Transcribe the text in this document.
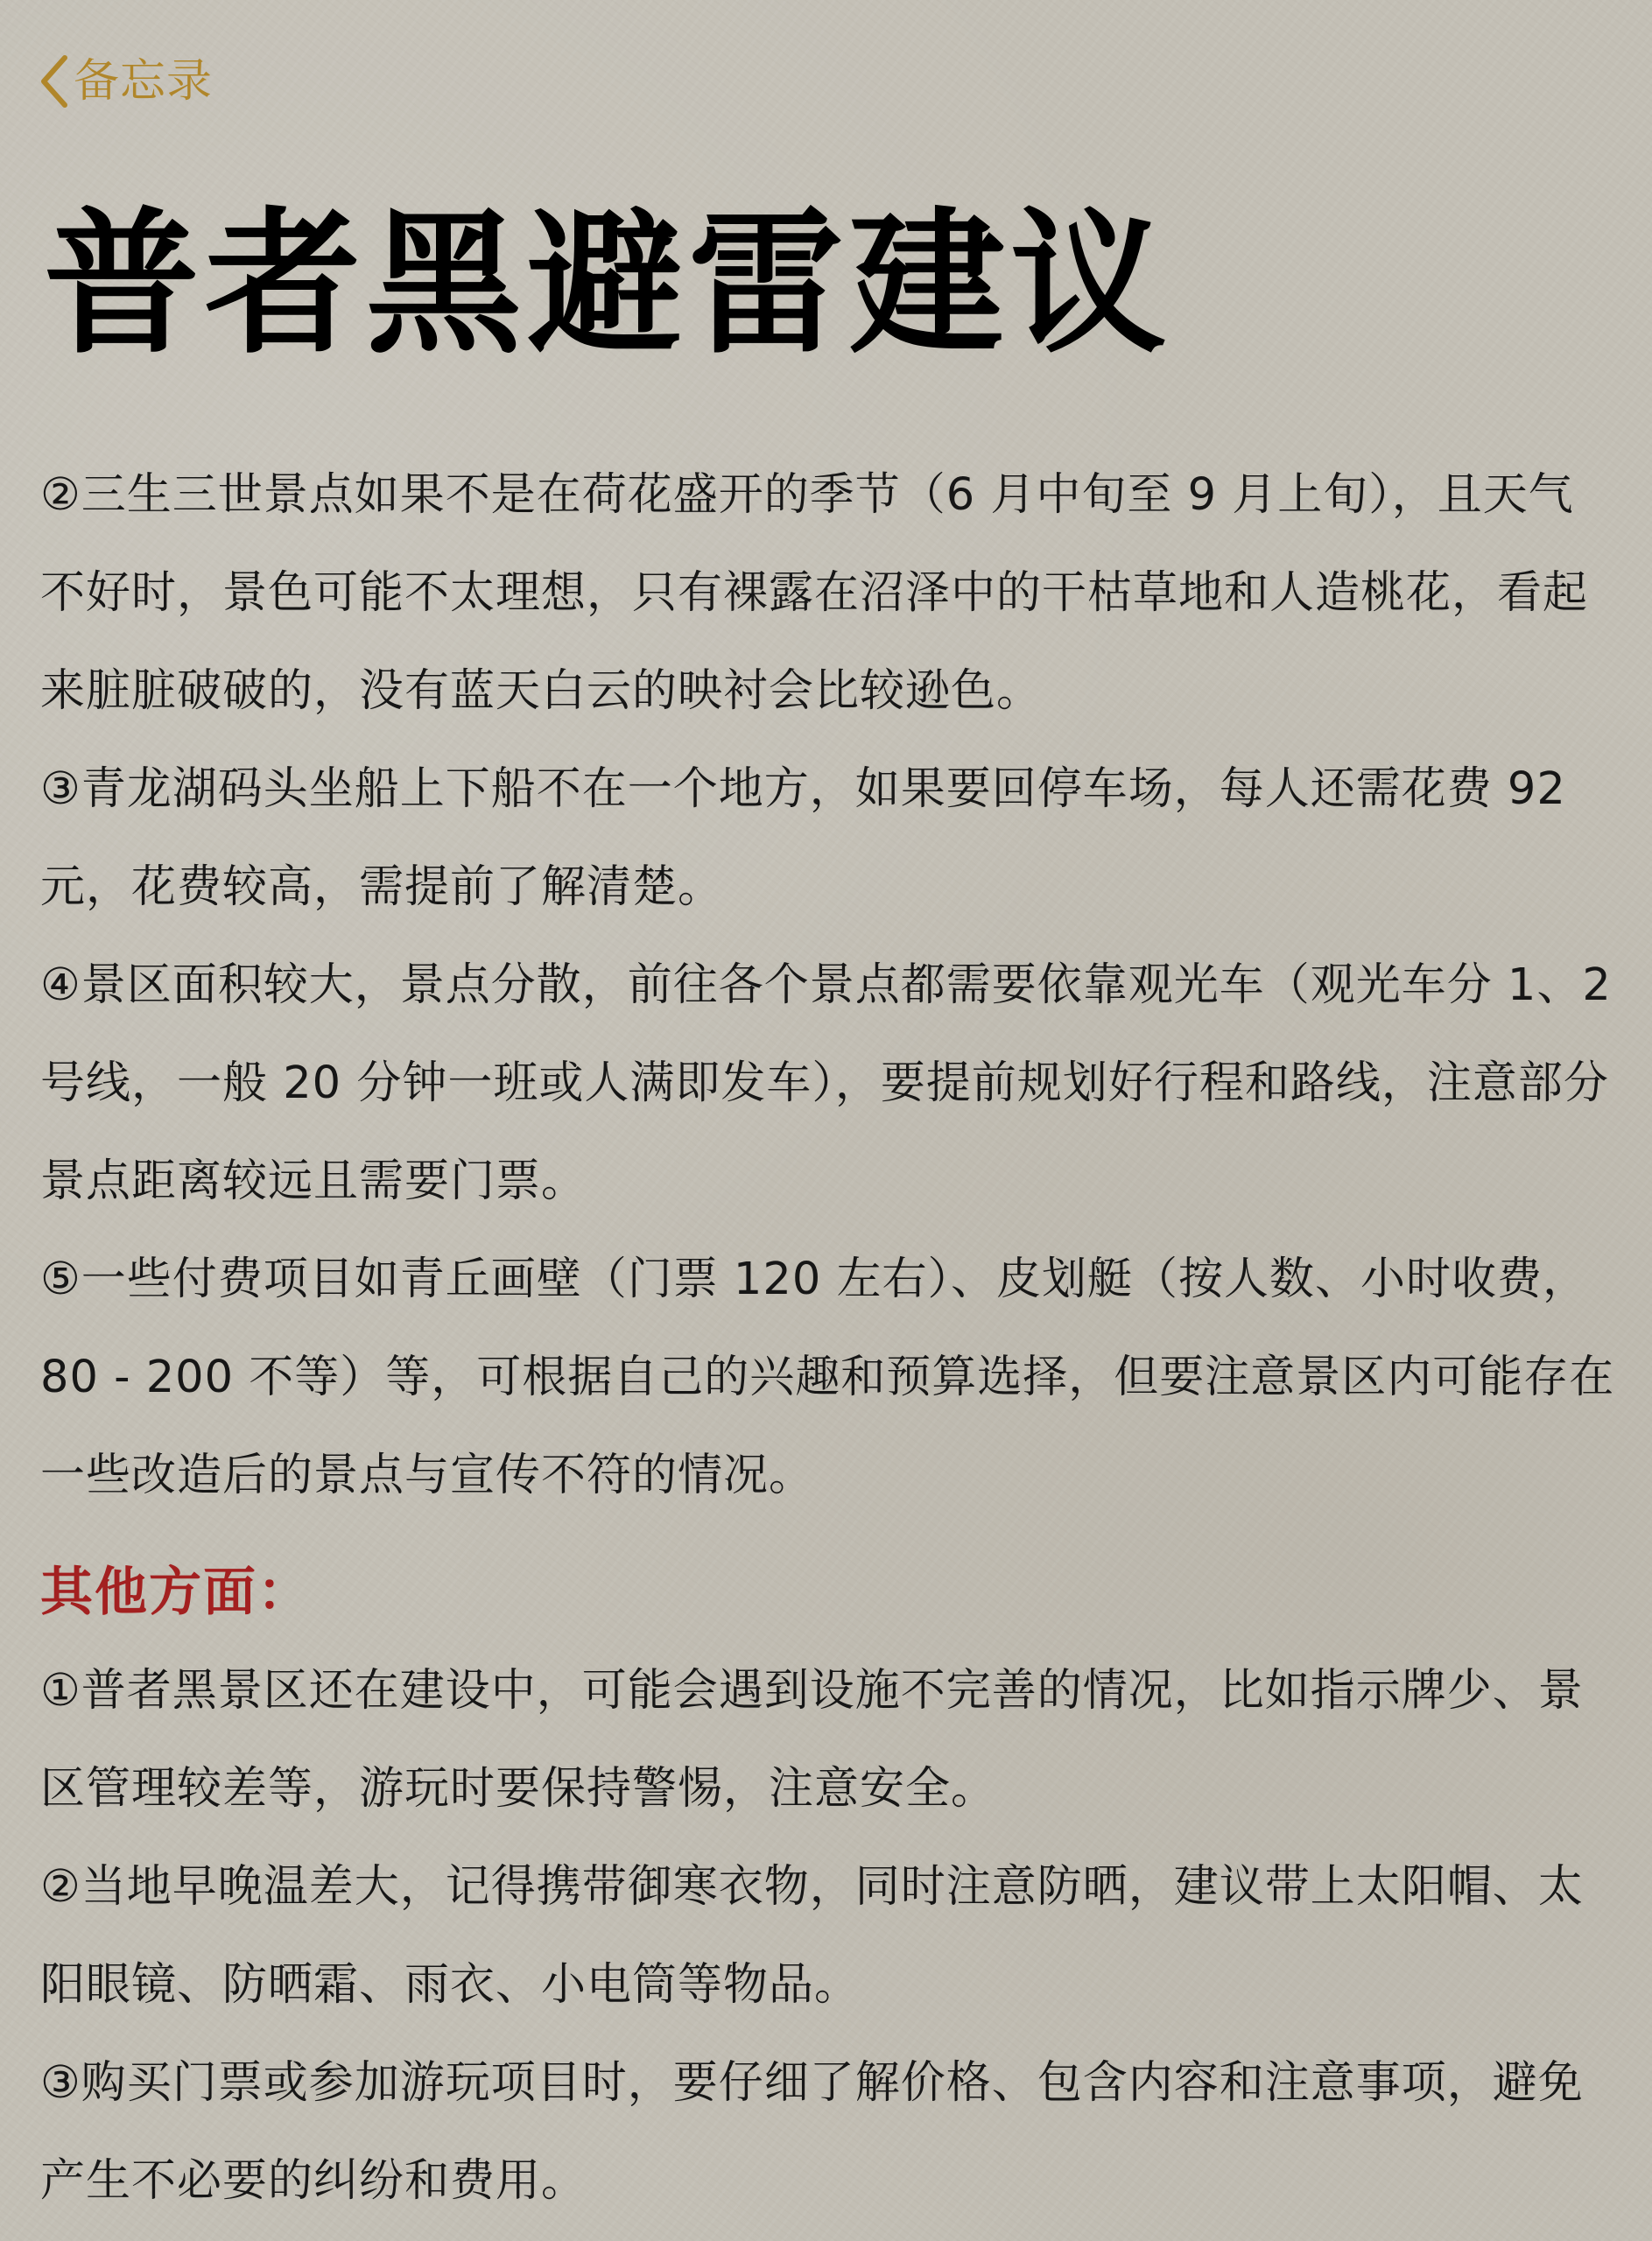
备忘录
普者黑避雷建议

②三生三世景点如果不是在荷花盛开的季节（6 月中旬至 9 月上旬），且天气不好时，景色可能不太理想，只有裸露在沼泽中的干枯草地和人造桃花，看起来脏脏破破的，没有蓝天白云的映衬会比较逊色。

③青龙湖码头坐船上下船不在一个地方，如果要回停车场，每人还需花费 92 元，花费较高，需提前了解清楚。

④景区面积较大，景点分散，前往各个景点都需要依靠观光车（观光车分 1、2 号线，一般 20 分钟一班或人满即发车），要提前规划好行程和路线，注意部分景点距离较远且需要门票。

⑤一些付费项目如青丘画壁（门票 120 左右）、皮划艇（按人数、小时收费，80 - 200 不等）等，可根据自己的兴趣和预算选择，但要注意景区内可能存在一些改造后的景点与宣传不符的情况。

其他方面：

①普者黑景区还在建设中，可能会遇到设施不完善的情况，比如指示牌少、景区管理较差等，游玩时要保持警惕，注意安全。

②当地早晚温差大，记得携带御寒衣物，同时注意防晒，建议带上太阳帽、太阳眼镜、防晒霜、雨衣、小电筒等物品。

③购买门票或参加游玩项目时，要仔细了解价格、包含内容和注意事项，避免产生不必要的纠纷和费用。
